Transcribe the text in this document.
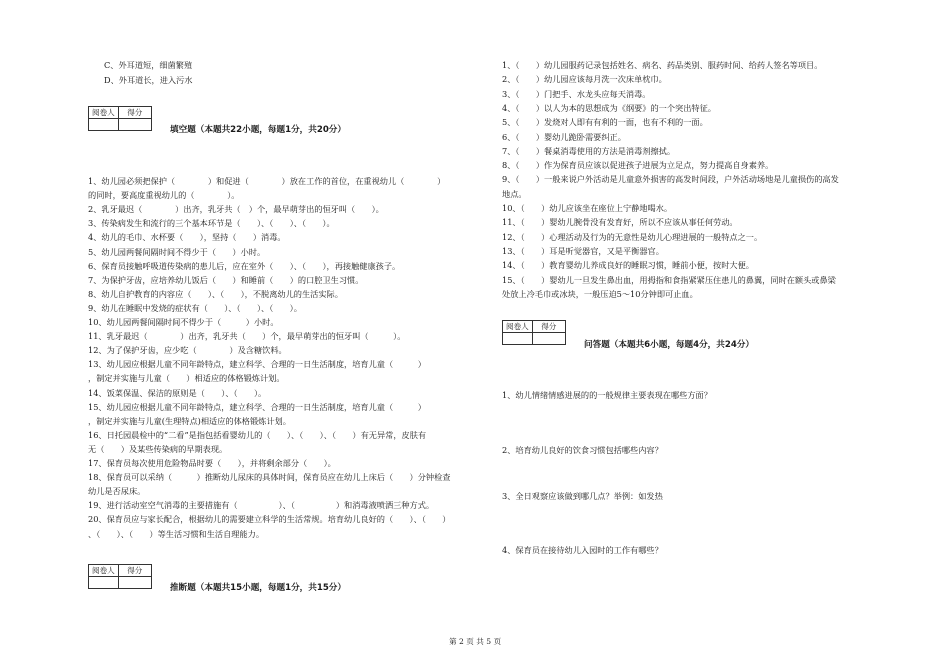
C、外耳道短，细菌繁殖
D、外耳道长，进入污水
阅卷人	得分

填空题（本题共22小题，每题1分，共20分）
1、幼儿园必须把保护（　　　　）和促进（　　　　）放在工作的首位，在重视幼儿（　　　　）
的同时，要高度重视幼儿的（　　　　）。
2、乳牙最迟（　　　　）出齐，乳牙共（　）个，最早萌芽出的恒牙叫（　　）。
3、传染病发生和流行的三个基本环节是（　　）、（　　）、（　　）。
4、幼儿的毛巾、水杯要（　　），坚持（　　）消毒。
5、幼儿园两餐间隔时间不得少于（　　）小时。
6、保育员接触呼吸道传染病的患儿后，应在室外（　　）、（　　），再接触健康孩子。
7、为保护牙齿，应培养幼儿饭后（　　）和睡前（　　）的口腔卫生习惯。
8、幼儿自护教育的内容应（　　）、（　　），不脱离幼儿的生活实际。
9、幼儿在睡眠中发烧的症状有（　　）、（　　）、（　　）。
10、幼儿园两餐间隔时间不得少于（　　　）小时。
11、乳牙最迟（　　　　）出齐，乳牙共（　　）个，最早萌芽出的恒牙叫（　　　）。
12、为了保护牙齿，应少吃（　　　　）及含糖饮料。
13、幼儿园应根据儿童不同年龄特点，建立科学、合理的一日生活制度，培育儿童（　　　）
，制定并实施与儿童（　　）相适应的体格锻炼计划。
14、饭菜保温、保洁的原则是（　　）、（　　）。
15、幼儿园应根据儿童不同年龄特点，建立科学、合理的一日生活制度，培育儿童（　　　）
，制定并实施与儿童(生理特点)相适应的体格锻炼计划。
16、日托园晨检中的“二看”是指包括看婴幼儿的（　　）、（　　）、（　　）有无异常，皮肤有
无（　　）及某些传染病的早期表现。
17、保育员每次使用危险物品时要（　　），并将剩余部分（　　）。
18、保育员可以采纳（　　　）推断幼儿尿床的具体时间，保育员应在幼儿上床后（　　）分钟检查
幼儿是否尿床。
19、进行活动室空气消毒的主要措施有（　　　　　）、（　　　　　）和消毒液喷洒三种方式。
20、保育员应与家长配合，根据幼儿的需要建立科学的生活常规。培育幼儿良好的（　　）、（　　）
、（　　）、（　　）等生活习惯和生活自理能力。
阅卷人	得分

推断题（本题共15小题，每题1分，共15分）
1、（　　）幼儿园服药记录包括姓名、病名、药品类别、服药时间、给药人签名等项目。
2、（　　）幼儿园应该每月洗一次床单枕巾。
3、（　　）门把手、水龙头应每天消毒。
4、（　　）以人为本的思想成为《纲要》的一个突出特征。
5、（　　）发烧对人即有有利的一面，也有不利的一面。
6、（　　）婴幼儿跪卧需要纠正。
7、（　　）餐桌消毒使用的方法是消毒剂擦拭。
8、（　　）作为保育员应该以促进孩子进展为立足点，努力提高自身素养。
9、（　　）一般来说户外活动是儿童意外损害的高发时间段，户外活动场地是儿童损伤的高发
地点。
10、（　　）幼儿应该坐在座位上宁静地喝水。
11、（　　）婴幼儿腕骨没有发育好，所以不应该从事任何劳动。
12、（　　）心理活动及行为的无意性是幼儿心理进展的一般特点之一。
13、（　　）耳是听觉器官，又是平衡器官。
14、（　　）教育婴幼儿养成良好的睡眠习惯，睡前小便，按时大便。
15、（　　）婴幼儿一旦发生鼻出血，用拇指和食指紧紧压住患儿的鼻翼，同时在额头或鼻梁
处放上冷毛巾或冰块，一般压迫5～10分钟即可止血。
阅卷人	得分

问答题（本题共6小题，每题4分，共24分）
1、幼儿情绪情感进展的的一般规律主要表现在哪些方面？
2、培育幼儿良好的饮食习惯包括哪些内容？
3、全日观察应该做到哪几点？举例：如发热
4、保育员在接待幼儿入园时的工作有哪些？
第 2 页 共 5 页
